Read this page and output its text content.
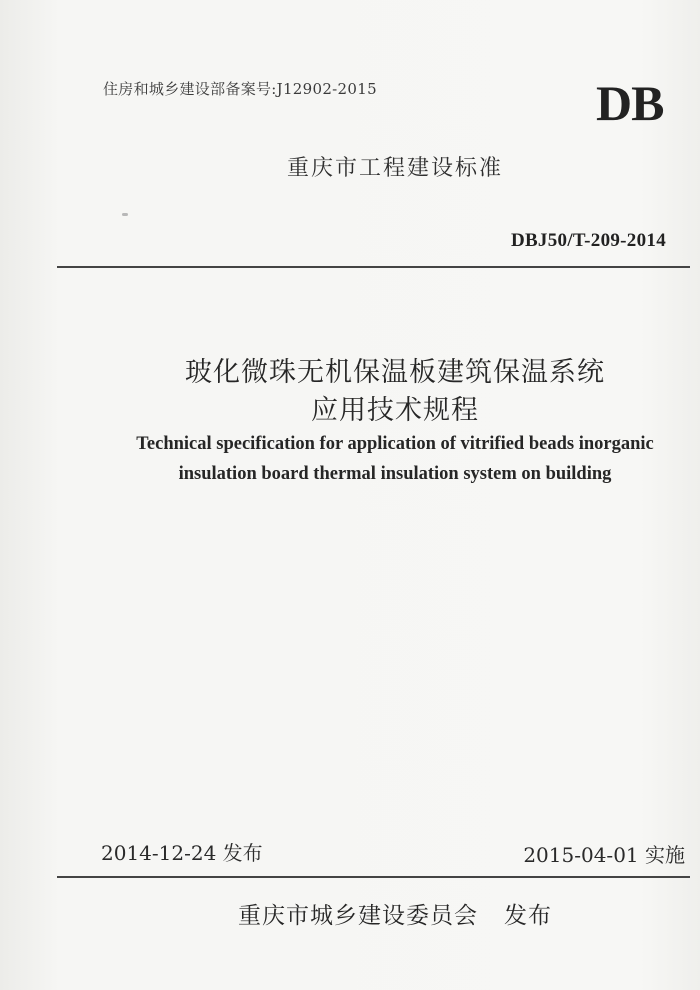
住房和城乡建设部备案号:J12902-2015	DB
重庆市工程建设标准
DBJ50/T-209-2014
玻化微珠无机保温板建筑保温系统
应用技术规程
Technical specification for application of vitrified beads inorganic
insulation board thermal insulation system on building
2014-12-24 发布	2015-04-01 实施
重庆市城乡建设委员会 发布
